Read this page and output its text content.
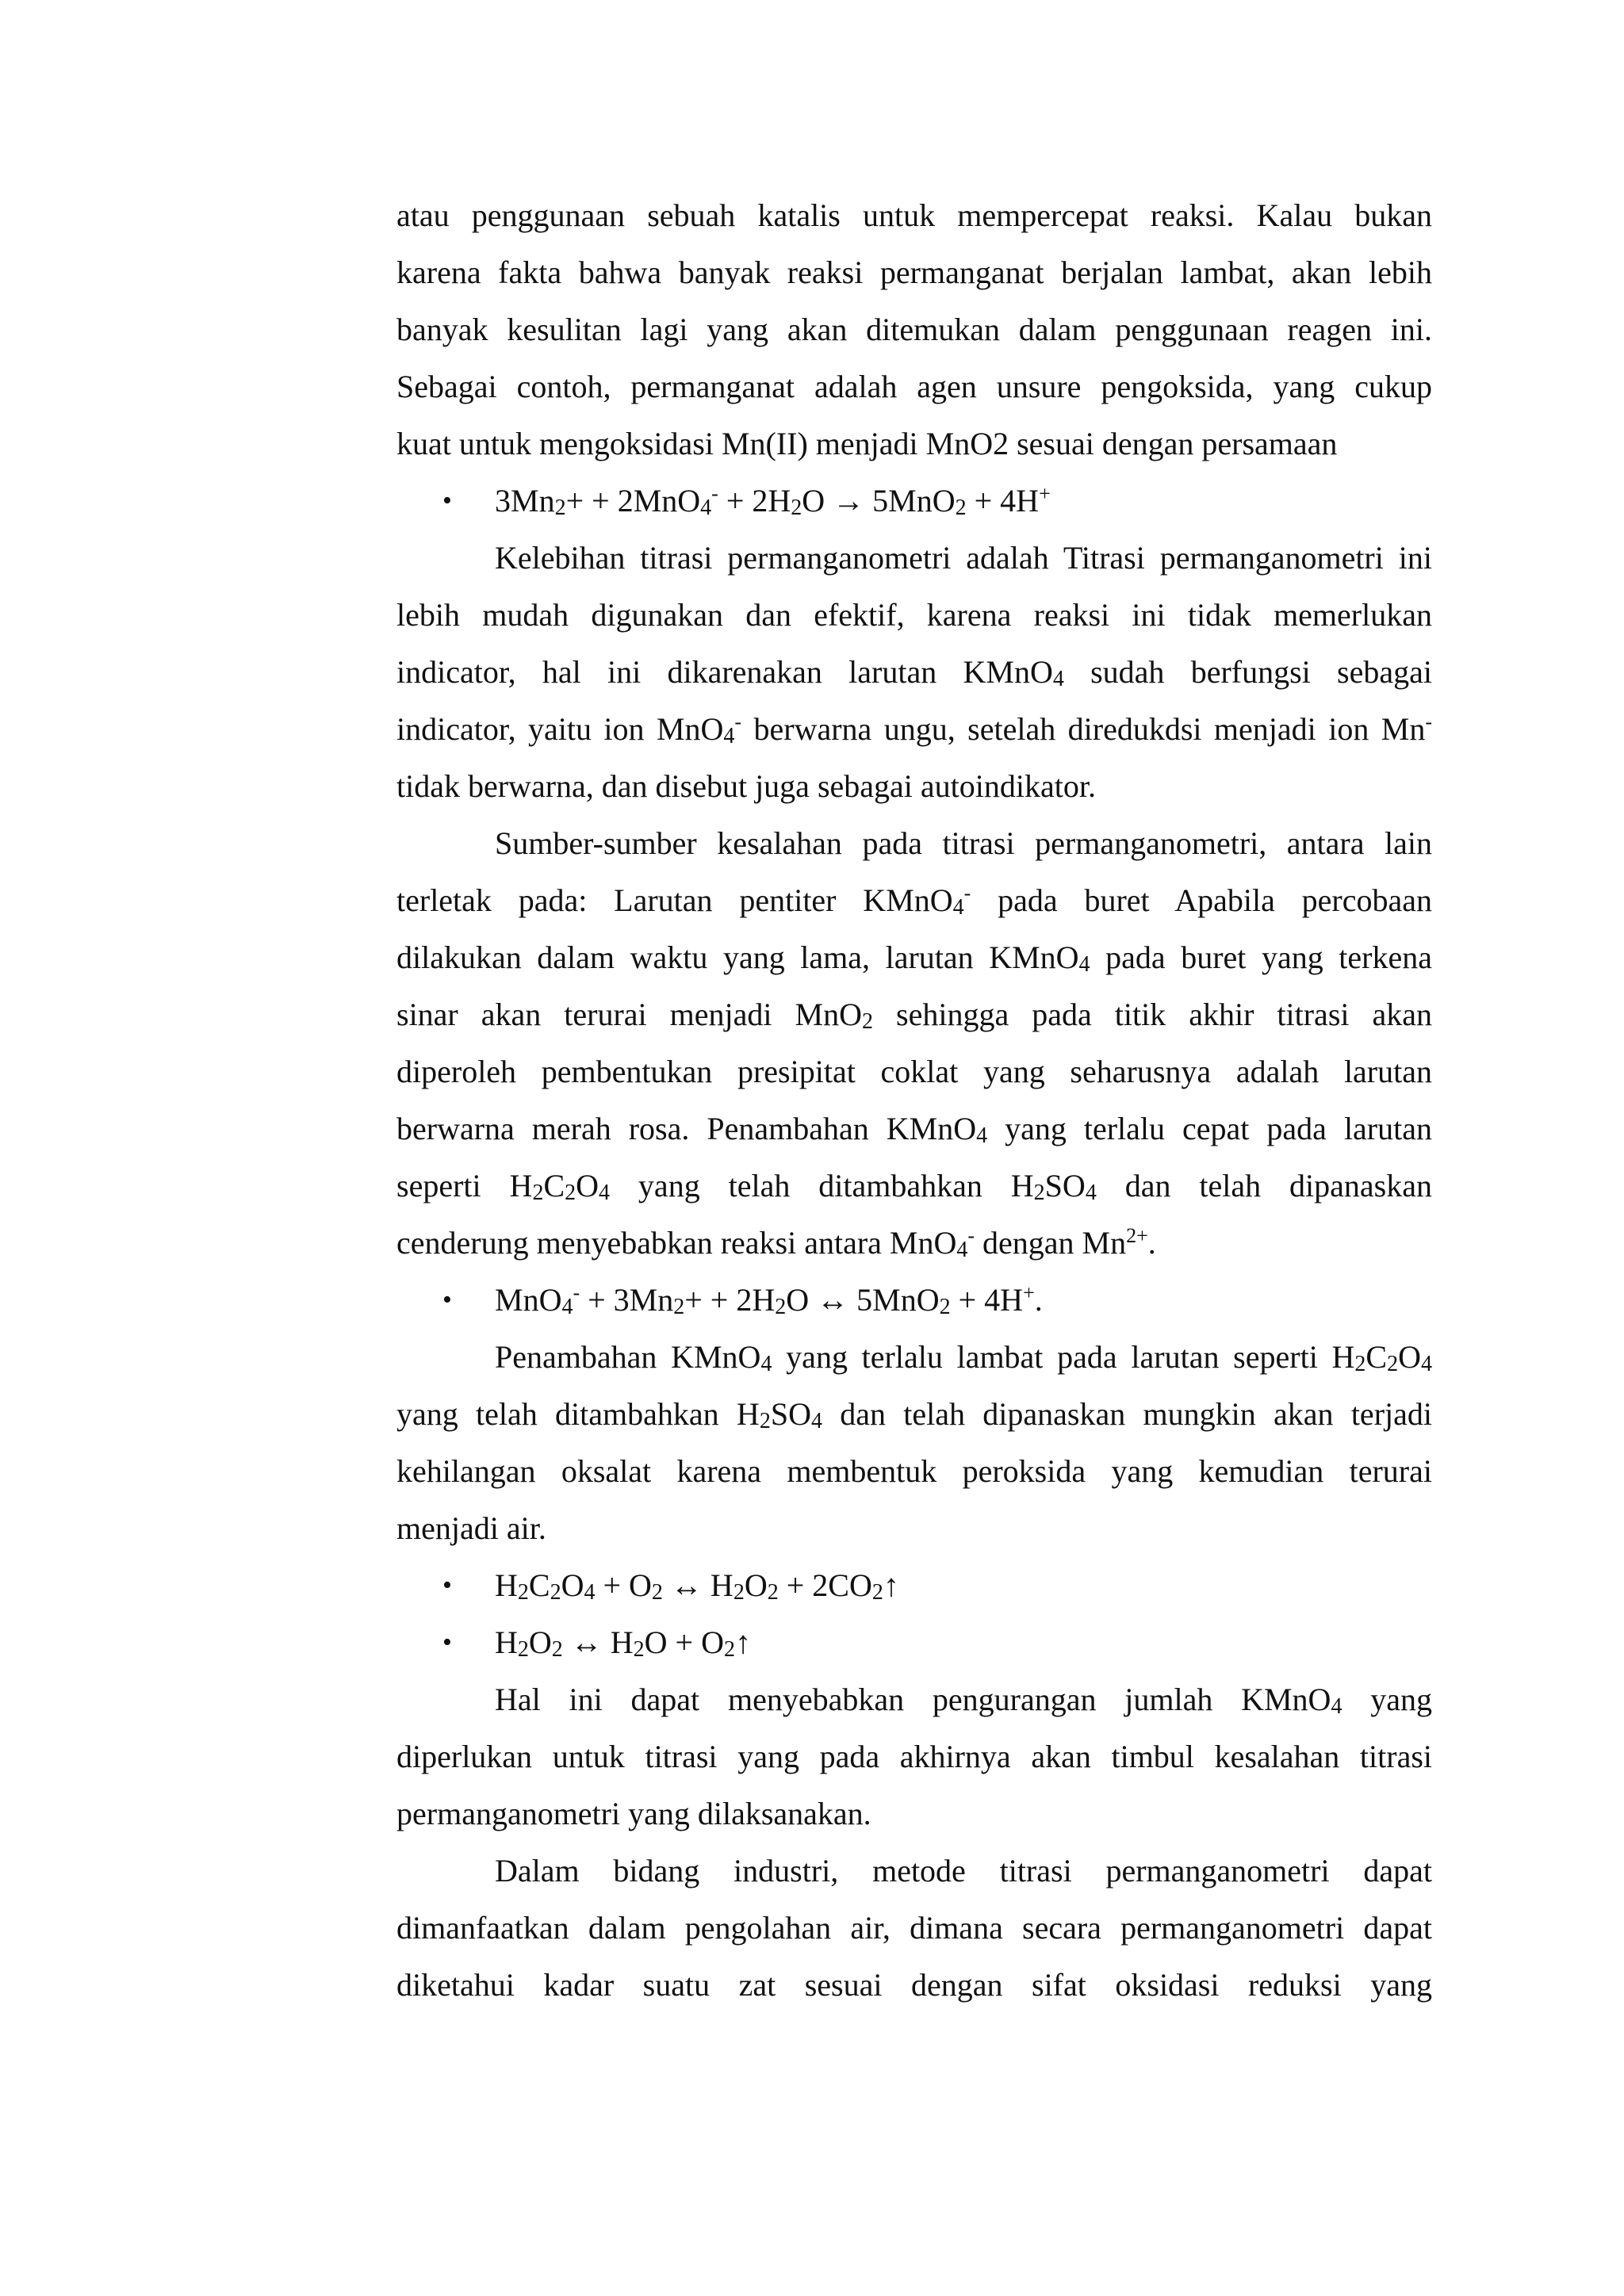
atau penggunaan sebuah katalis untuk mempercepat reaksi. Kalau bukan
karena fakta bahwa banyak reaksi permanganat berjalan lambat, akan lebih
banyak kesulitan lagi yang akan ditemukan dalam penggunaan reagen ini.
Sebagai contoh, permanganat adalah agen unsure pengoksida, yang cukup
kuat untuk mengoksidasi Mn(II) menjadi MnO2 sesuai dengan persamaan
•	$3Mn_2+ + 2MnO_4^- + 2H_2O \to 5MnO_2 + 4H^+$
Kelebihan titrasi permanganometri adalah Titrasi permanganometri ini
lebih mudah digunakan dan efektif, karena reaksi ini tidak memerlukan
indicator, hal ini dikarenakan larutan KMnO$_4$ sudah berfungsi sebagai
indicator, yaitu ion MnO$_4$- berwarna ungu, setelah diredukdsi menjadi ion Mn-
tidak berwarna, dan disebut juga sebagai autoindikator.
Sumber-sumber kesalahan pada titrasi permanganometri, antara lain
terletak pada: Larutan pentiter KMnO$_4$- pada buret Apabila percobaan
dilakukan dalam waktu yang lama, larutan KMnO$_4$ pada buret yang terkena
sinar akan terurai menjadi MnO$_2$ sehingga pada titik akhir titrasi akan
diperoleh pembentukan presipitat coklat yang seharusnya adalah larutan
berwarna merah rosa. Penambahan KMnO$_4$ yang terlalu cepat pada larutan
seperti $H_2C_2O_4$ yang telah ditambahkan $H_2SO_4$ dan telah dipanaskan
cenderung menyebabkan reaksi antara MnO$_4$- dengan $Mn^{2+}$.
•	$MnO_4^- + 3Mn_2+ + 2H_2O$ ↔ 5MnO$_2$ + 4H+.
Penambahan KMnO$_4$ yang terlalu lambat pada larutan seperti $H_2C_2O_4$
yang telah ditambahkan $H_2SO_4$ dan telah dipanaskan mungkin akan terjadi
kehilangan oksalat karena membentuk peroksida yang kemudian terurai
menjadi air.
•	$H_2C_2O_4 + O_2$ ↔ $H_2O_2$ + $2CO_2↑$
•	$H_2O_2$ ↔ $H_2O$ + $O_2↑$
Hal ini dapat menyebabkan pengurangan jumlah KMnO$_4$ yang
diperlukan untuk titrasi yang pada akhirnya akan timbul kesalahan titrasi
permanganometri yang dilaksanakan.
Dalam bidang industri, metode titrasi permanganometri dapat
dimanfaatkan dalam pengolahan air, dimana secara permanganometri dapat
diketahui kadar suatu zat sesuai dengan sifat oksidasi reduksi yang
